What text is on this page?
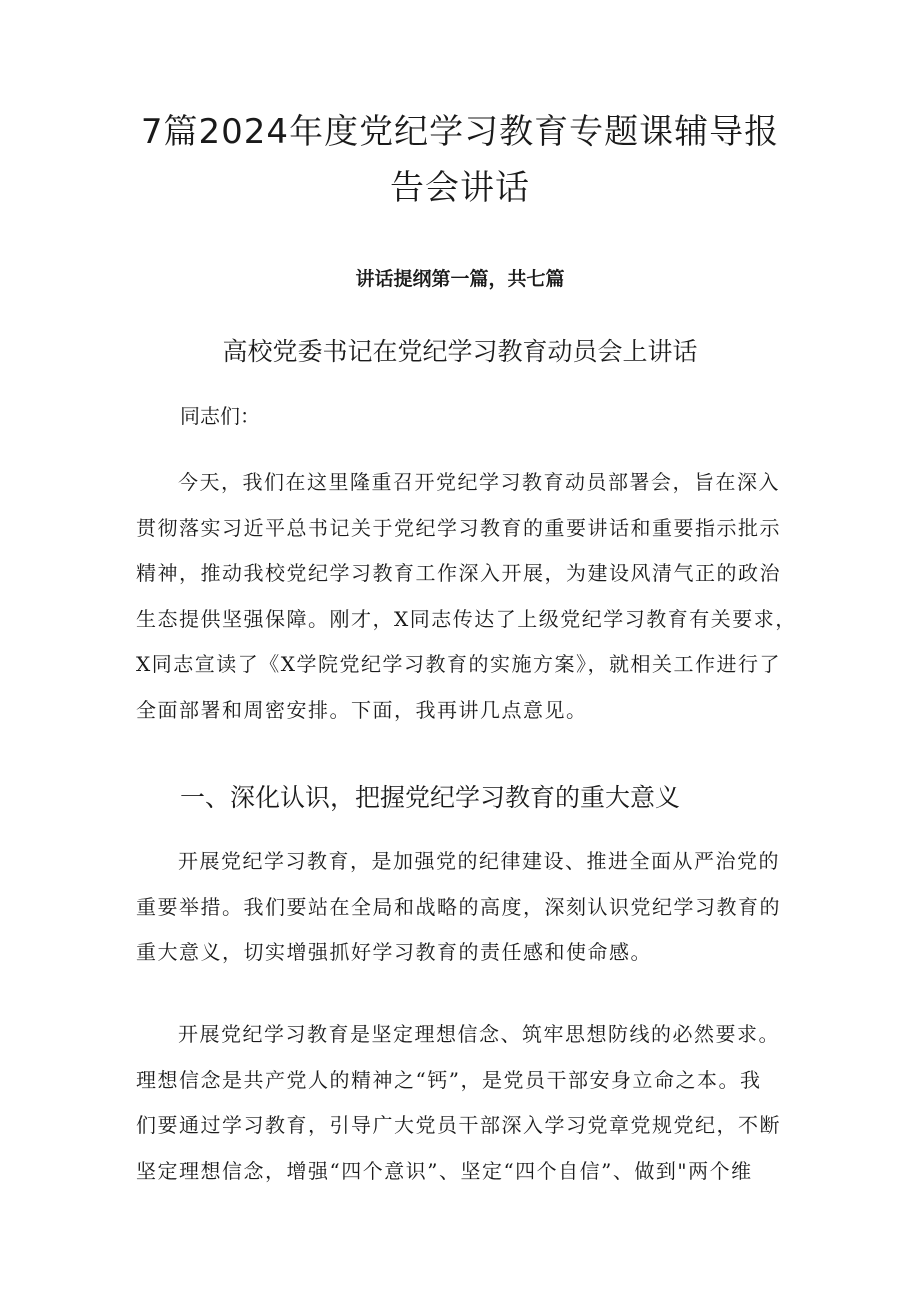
7篇2024年度党纪学习教育专题课辅导报
告会讲话

讲话提纲第一篇，共七篇

高校党委书记在党纪学习教育动员会上讲话

同志们：

今天，我们在这里隆重召开党纪学习教育动员部署会，旨在深入
贯彻落实习近平总书记关于党纪学习教育的重要讲话和重要指示批示
精神，推动我校党纪学习教育工作深入开展，为建设风清气正的政治
生态提供坚强保障。刚才，X同志传达了上级党纪学习教育有关要求，
X同志宣读了《X学院党纪学习教育的实施方案》，就相关工作进行了
全面部署和周密安排。下面，我再讲几点意见。

一、深化认识，把握党纪学习教育的重大意义

开展党纪学习教育，是加强党的纪律建设、推进全面从严治党的
重要举措。我们要站在全局和战略的高度，深刻认识党纪学习教育的
重大意义，切实增强抓好学习教育的责任感和使命感。

开展党纪学习教育是坚定理想信念、筑牢思想防线的必然要求。
理想信念是共产党人的精神之“钙”，是党员干部安身立命之本。我
们要通过学习教育，引导广大党员干部深入学习党章党规党纪，不断
坚定理想信念，增强“四个意识”、坚定“四个自信”、做到"两个维
